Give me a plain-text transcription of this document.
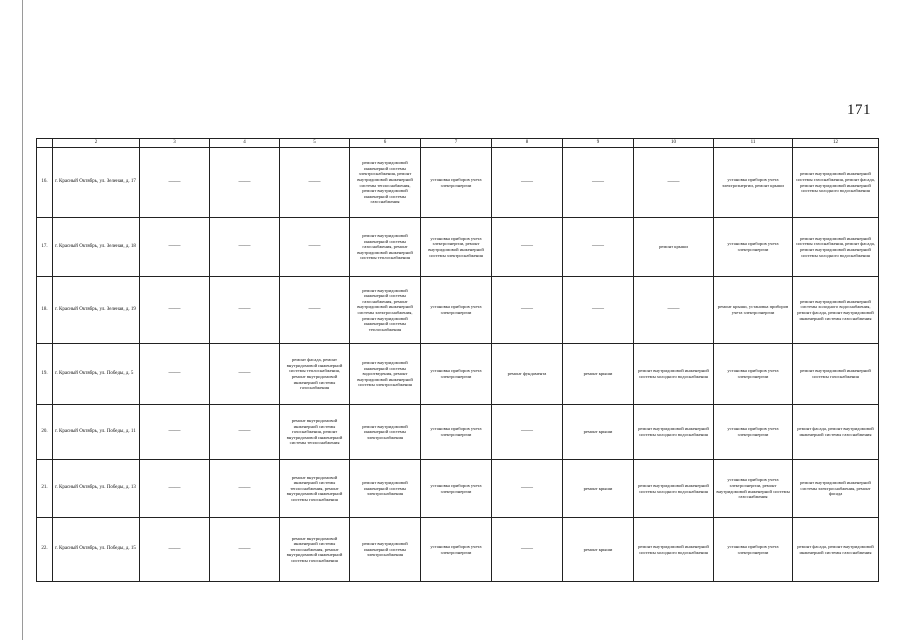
171
	2	3	4	5	6	7	8	9	10	11	12
16.	г. Красный Октябрь, ул. Зеленая, д. 17	——	——	——	ремонт внутридомовой инженерной системы электроснабжения, ремонт внутридомовой инженерной системы теплоснабжения, ремонт внутридомовой инженерной системы газоснабжения	установка приборов учета электроэнергии	——	——	——	установка приборов учета электроэнергии, ремонт крыши	ремонт внутридомовой инженерной системы газоснабжения, ремонт фасада, ремонт внутридомовой инженерной системы холодного водоснабжения
17.	г. Красный Октябрь, ул. Зеленая, д. 18	——	——	——	ремонт внутридомовой инженерной системы газоснабжения, ремонт внутридомовой инженерной системы теплоснабжения	установка приборов учета электроэнергии, ремонт внутридомовой инженерной системы электроснабжения	——	——	ремонт крыши	установка приборов учета электроэнергии	ремонт внутридомовой инженерной системы газоснабжения, ремонт фасада, ремонт внутридомовой инженерной системы холодного водоснабжения
18.	г. Красный Октябрь, ул. Зеленая, д. 19	——	——	——	ремонт внутридомовой инженерной системы газоснабжения, ремонт внутридомовой инженерной системы электроснабжения, ремонт внутридомовой инженерной системы теплоснабжения	установка приборов учета электроэнергии	——	——	——	ремонт крыши, установка приборов учета электроэнергии	ремонт внутридомовой инженерной системы холодного водоснабжения, ремонт фасада, ремонт внутридомовой инженерной системы газоснабжения
19.	г. Красный Октябрь, ул. Победы, д. 5	——	——	ремонт фасада, ремонт внутридомовой инженерной системы теплоснабжения, ремонт внутридомовой инженерной системы газоснабжения	ремонт внутридомовой инженерной системы водоотведения, ремонт внутридомовой инженерной системы электроснабжения	установка приборов учета электроэнергии	ремонт фундамента	ремонт крыши	ремонт внутридомовой инженерной системы холодного водоснабжения	установка приборов учета электроэнергии	ремонт внутридомовой инженерной системы газоснабжения
20.	г. Красный Октябрь, ул. Победы, д. 11	——	——	ремонт внутридомовой инженерной системы газоснабжения, ремонт внутридомовой инженерной системы теплоснабжения	ремонт внутридомовой инженерной системы электроснабжения	установка приборов учета электроэнергии	——	ремонт крыши	ремонт внутридомовой инженерной системы холодного водоснабжения	установка приборов учета электроэнергии	ремонт фасада, ремонт внутридомовой инженерной системы газоснабжения
21.	г. Красный Октябрь, ул. Победы, д. 13	——	——	ремонт внутридомовой инженерной системы теплоснабжения, ремонт внутридомовой инженерной системы газоснабжения	ремонт внутридомовой инженерной системы электроснабжения	установка приборов учета электроэнергии	——	ремонт крыши	ремонт внутридомовой инженерной системы холодного водоснабжения	установка приборов учета электроэнергии, ремонт внутридомовой инженерной системы газоснабжения	ремонт внутридомовой инженерной системы электроснабжения, ремонт фасада
22.	г. Красный Октябрь, ул. Победы, д. 15	——	——	ремонт внутридомовой инженерной системы теплоснабжения, ремонт внутридомовой инженерной системы газоснабжения	ремонт внутридомовой инженерной системы электроснабжения	установка приборов учета электроэнергии	——	ремонт крыши	ремонт внутридомовой инженерной системы холодного водоснабжения	установка приборов учета электроэнергии	ремонт фасада, ремонт внутридомовой инженерной системы газоснабжения
